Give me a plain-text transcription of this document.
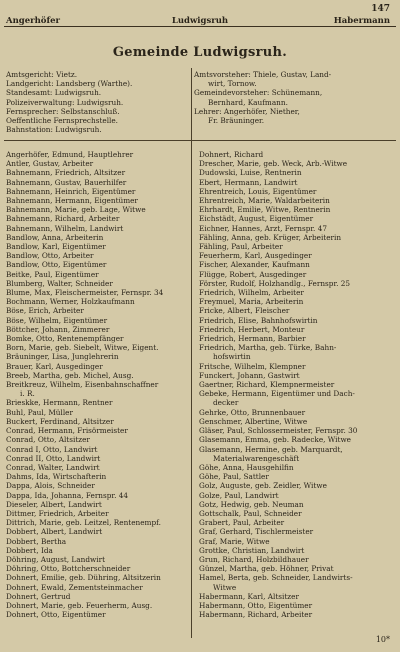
Angerhöfer	Ludwigsruh	Habermann
147
Gemeinde Ludwigsruh.
Amtsgericht: Vietz.
Landgericht: Landsberg (Warthe).
Standesamt: Ludwigsruh.
Polizeiverwaltung: Ludwigsruh.
Fernsprecher: Selbstanschluß.
Oeffentliche Fernsprechstelle.
Bahnstation: Ludwigsruh.
Amtsvorsteher: Thiele, Gustav, Land-
wirt, Tornow.
Gemeindevorsteher: Schünemann,
Bernhard, Kaufmann.
Lehrer: Angerhöfer, Niether,
Fr. Bräuninger.
Angerhöfer, Edmund, Hauptlehrer
Antler, Gustav, Arbeiter
Bahnemann, Friedrich, Altsitzer
Bahnemann, Gustav, Bauerhilfer
Bahnemann, Heinrich, Eigentümer
Bahnemann, Hermann, Eigentümer
Bahnemann, Marie, geb. Lage, Witwe
Bahnemann, Richard, Arbeiter
Bahnemann, Wilhelm, Landwirt
Bandlow, Anna, Arbeiterin
Bandlow, Karl, Eigentümer
Bandlow, Otto, Arbeiter
Bandlow, Otto, Eigentümer
Beitke, Paul, Eigentümer
Blumberg, Walter, Schneider
Blume, Max, Fleischermeister, Fernspr. 34
Bochmann, Werner, Holzkaufmann
Böse, Erich, Arbeiter
Böse, Wilhelm, Eigentümer
Böttcher, Johann, Zimmerer
Bomke, Otto, Rentenempfänger
Born, Marie, geb. Siebelt, Witwe, Eigent.
Bräuninger, Lisa, Junglehrerin
Brauer, Karl, Ausgedinger
Breeb, Martha, geb. Michel, Ausg.
Breitkreuz, Wilhelm, Eisenbahnschaffner
i. R.
Brieskke, Hermann, Rentner
Buhl, Paul, Müller
Buckert, Ferdinand, Altsitzer
Conrad, Hermann, Frisörmeister
Conrad, Otto, Altsitzer
Conrad I, Otto, Landwirt
Conrad II, Otto, Landwirt
Conrad, Walter, Landwirt
Dahms, Ida, Wirtschafterin
Dappa, Alois, Schneider
Dappa, Ida, Johanna, Fernspr. 44
Dieseler, Albert, Landwirt
Dittmer, Friedrich, Arbeiter
Dittrich, Marie, geb. Leitzel, Rentenempf.
Dobbert, Albert, Landwirt
Dobbert, Bertha
Dobbert, Ida
Döhring, August, Landwirt
Döhring, Otto, Bottcherschneider
Dohnert, Emilie, geb. Dühring, Altsitzerin
Dohnert, Ewald, Zementsteinmacher
Dohnert, Gertrud
Dohnert, Marie, geb. Feuerherm, Ausg.
Dohnert, Otto, Eigentümer
Dohnert, Richard
Drescher, Marie, geb. Weck, Arb.-Witwe
Dudowski, Luise, Rentnerin
Ebert, Hermann, Landwirt
Ehrentreich, Louis, Eigentümer
Ehrentreich, Marie, Waldarbeiterin
Ehrhardt, Emilie, Witwe, Rentnerin
Eichstädt, August, Eigentümer
Eichner, Hannes, Arzt, Fernspr. 47
Fähling, Anna, geb. Krüger, Arbeiterin
Fähling, Paul, Arbeiter
Feuerherm, Karl, Ausgedinger
Fischer, Alexander, Kaufmann
Flügge, Robert, Ausgedinger
Förster, Rudolf, Holzhandlg., Fernspr. 25
Friedrich, Wilhelm, Arbeiter
Freymuel, Maria, Arbeiterin
Fricke, Albert, Fleischer
Friedrich, Elise, Bahnhofswirtin
Friedrich, Herbert, Monteur
Friedrich, Hermann, Barbier
Friedrich, Martha, geb. Türke, Bahn-
hofswirtin
Fritsche, Wilhelm, Klempner
Funckert, Johann, Gastwirt
Gaertner, Richard, Klempnermeister
Gebeke, Hermann, Eigentümer und Dach-
decker
Gehrke, Otto, Brunnenbauer
Genschmer, Albertine, Witwe
Gläser, Paul, Schlossermeister, Fernspr. 30
Glasemann, Emma, geb. Radecke, Witwe
Glasemann, Hermine, geb. Marquardt,
Materialwarengeschäft
Göhe, Anna, Hausgehilfin
Göhe, Paul, Sattler
Golz, Auguste, geb. Zeidler, Witwe
Golze, Paul, Landwirt
Gotz, Hedwig, geb. Neuman
Gottschalk, Paul, Schneider
Grabert, Paul, Arbeiter
Graf, Gerhard, Tischlermeister
Graf, Marie, Witwe
Grottke, Christian, Landwirt
Grun, Richard, Holzbildhauer
Günzel, Martha, geb. Höhner, Privat
Hamel, Berta, geb. Schneider, Landwirts-
Witwe
Habermann, Karl, Altsitzer
Habermann, Otto, Eigentümer
Habermann, Richard, Arbeiter
10*
